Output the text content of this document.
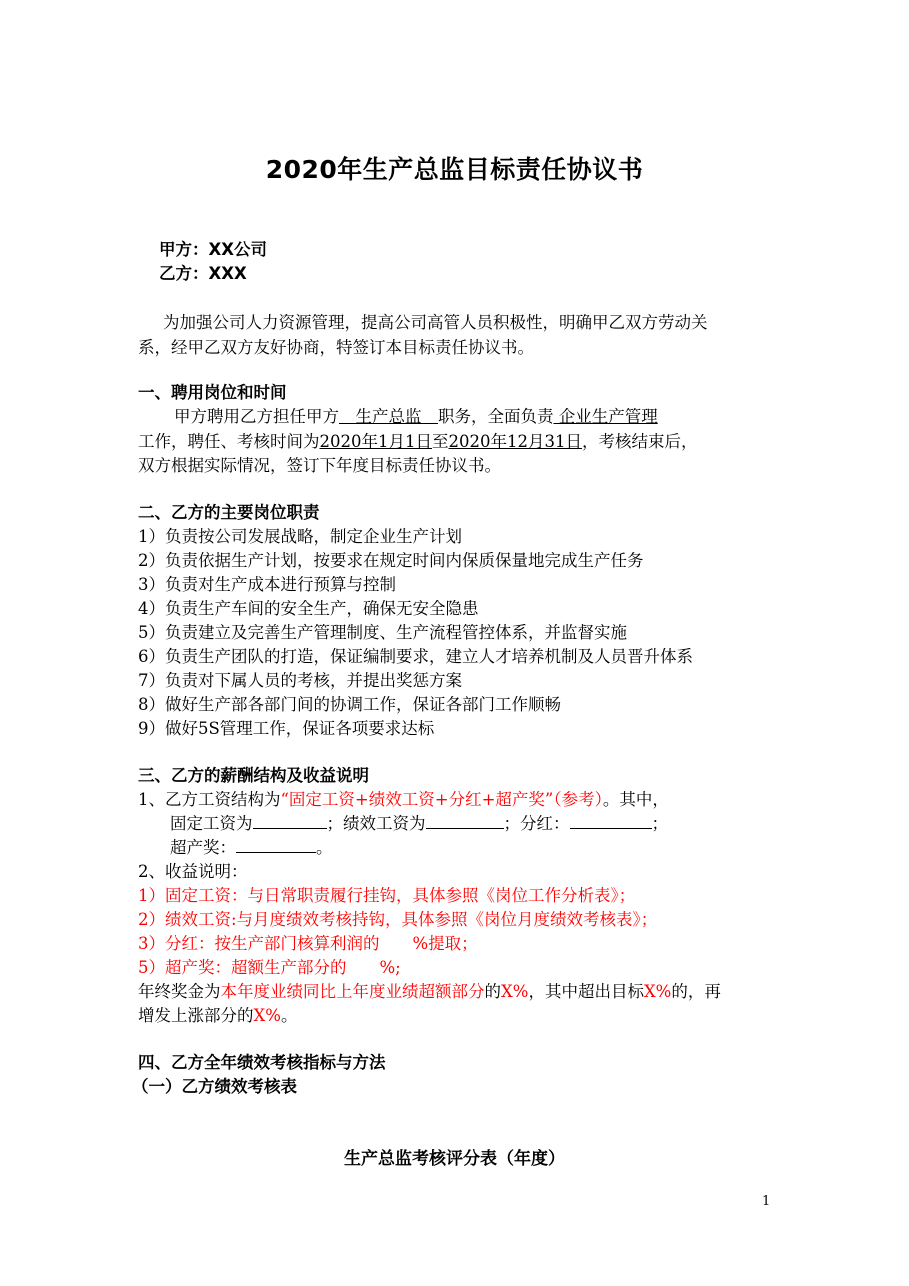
2020年生产总监目标责任协议书
甲方：XX公司
乙方：XXX
为加强公司人力资源管理，提高公司高管人员积极性，明确甲乙双方劳动关
系，经甲乙双方友好协商，特签订本目标责任协议书。
一、聘用岗位和时间
甲方聘用乙方担任甲方　生产总监　职务，全面负责 企业生产管理
工作，聘任、考核时间为2020年1月1日至2020年12月31日，考核结束后，
双方根据实际情况，签订下年度目标责任协议书。
二、乙方的主要岗位职责
1）负责按公司发展战略，制定企业生产计划
2）负责依据生产计划，按要求在规定时间内保质保量地完成生产任务
3）负责对生产成本进行预算与控制
4）负责生产车间的安全生产，确保无安全隐患
5）负责建立及完善生产管理制度、生产流程管控体系，并监督实施
6）负责生产团队的打造，保证编制要求，建立人才培养机制及人员晋升体系
7）负责对下属人员的考核，并提出奖惩方案
8）做好生产部各部门间的协调工作，保证各部门工作顺畅
9）做好5S管理工作，保证各项要求达标
三、乙方的薪酬结构及收益说明
1、乙方工资结构为“固定工资+绩效工资+分红+超产奖”（参考）。其中，
固定工资为	；绩效工资为	；分红：	；
超产奖：	。
2、收益说明：
1）固定工资：与日常职责履行挂钩，具体参照《岗位工作分析表》；
2）绩效工资:与月度绩效考核持钩，具体参照《岗位月度绩效考核表》；
3）分红：按生产部门核算利润的　　%提取；
5）超产奖：超额生产部分的　　%;
年终奖金为本年度业绩同比上年度业绩超额部分的X%，其中超出目标X%的，再
增发上涨部分的X%。
四、乙方全年绩效考核指标与方法
（一）乙方绩效考核表
生产总监考核评分表（年度）
1
